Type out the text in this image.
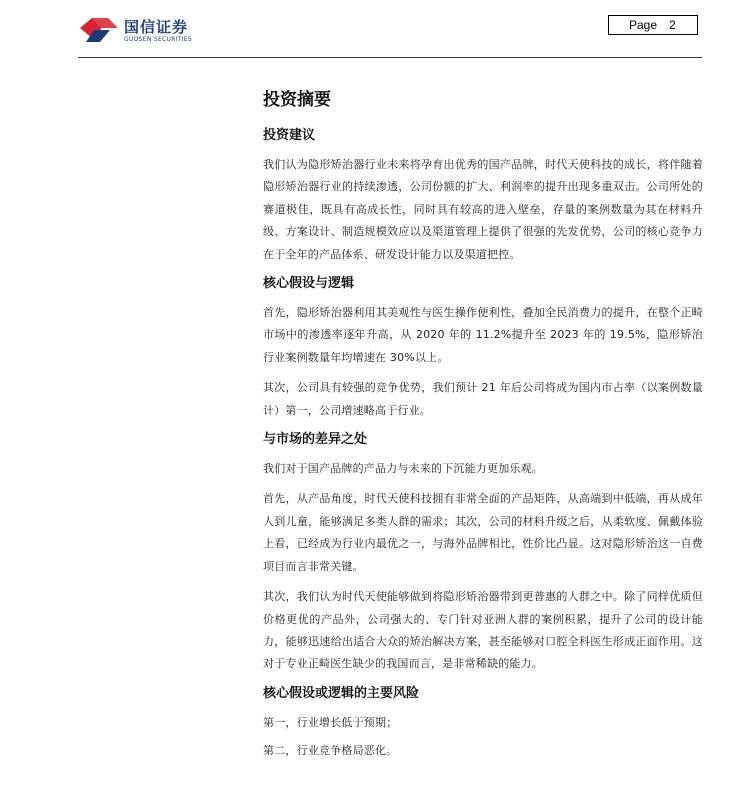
国信证券
GUOSEN SECURITIES
Page 2
投资摘要
投资建议
我们认为隐形矫治器行业未来将孕育出优秀的国产品牌，时代天使科技的成长，将伴随着隐形矫治器行业的持续渗透，公司份额的扩大、利润率的提升出现多重双击。公司所处的赛道极佳，既具有高成长性，同时具有较高的进入壁垒，存量的案例数量为其在材料升级、方案设计、制造规模效应以及渠道管理上提供了很强的先发优势，公司的核心竞争力在于全年的产品体系、研发设计能力以及渠道把控。
核心假设与逻辑
首先，隐形矫治器利用其美观性与医生操作便利性，叠加全民消费力的提升，在整个正畸市场中的渗透率逐年升高，从 2020 年的 11.2%提升至 2023 年的 19.5%，隐形矫治行业案例数量年均增速在 30%以上。
其次，公司具有较强的竞争优势，我们预计 21 年后公司将成为国内市占率（以案例数量计）第一，公司增速略高于行业。
与市场的差异之处
我们对于国产品牌的产品力与未来的下沉能力更加乐观。
首先，从产品角度，时代天使科技拥有非常全面的产品矩阵，从高端到中低端，再从成年人到儿童，能够满足多类人群的需求；其次，公司的材料升级之后，从柔软度、佩戴体验上看，已经成为行业内最优之一，与海外品牌相比，性价比凸显。这对隐形矫治这一自费项目而言非常关键。
其次，我们认为时代天使能够做到将隐形矫治器带到更普惠的人群之中。除了同样优质但价格更优的产品外，公司强大的、专门针对亚洲人群的案例积累，提升了公司的设计能力，能够迅速给出适合大众的矫治解决方案，甚至能够对口腔全科医生形成正面作用。这对于专业正畸医生缺少的我国而言，是非常稀缺的能力。
核心假设或逻辑的主要风险
第一，行业增长低于预期；
第二，行业竞争格局恶化。
